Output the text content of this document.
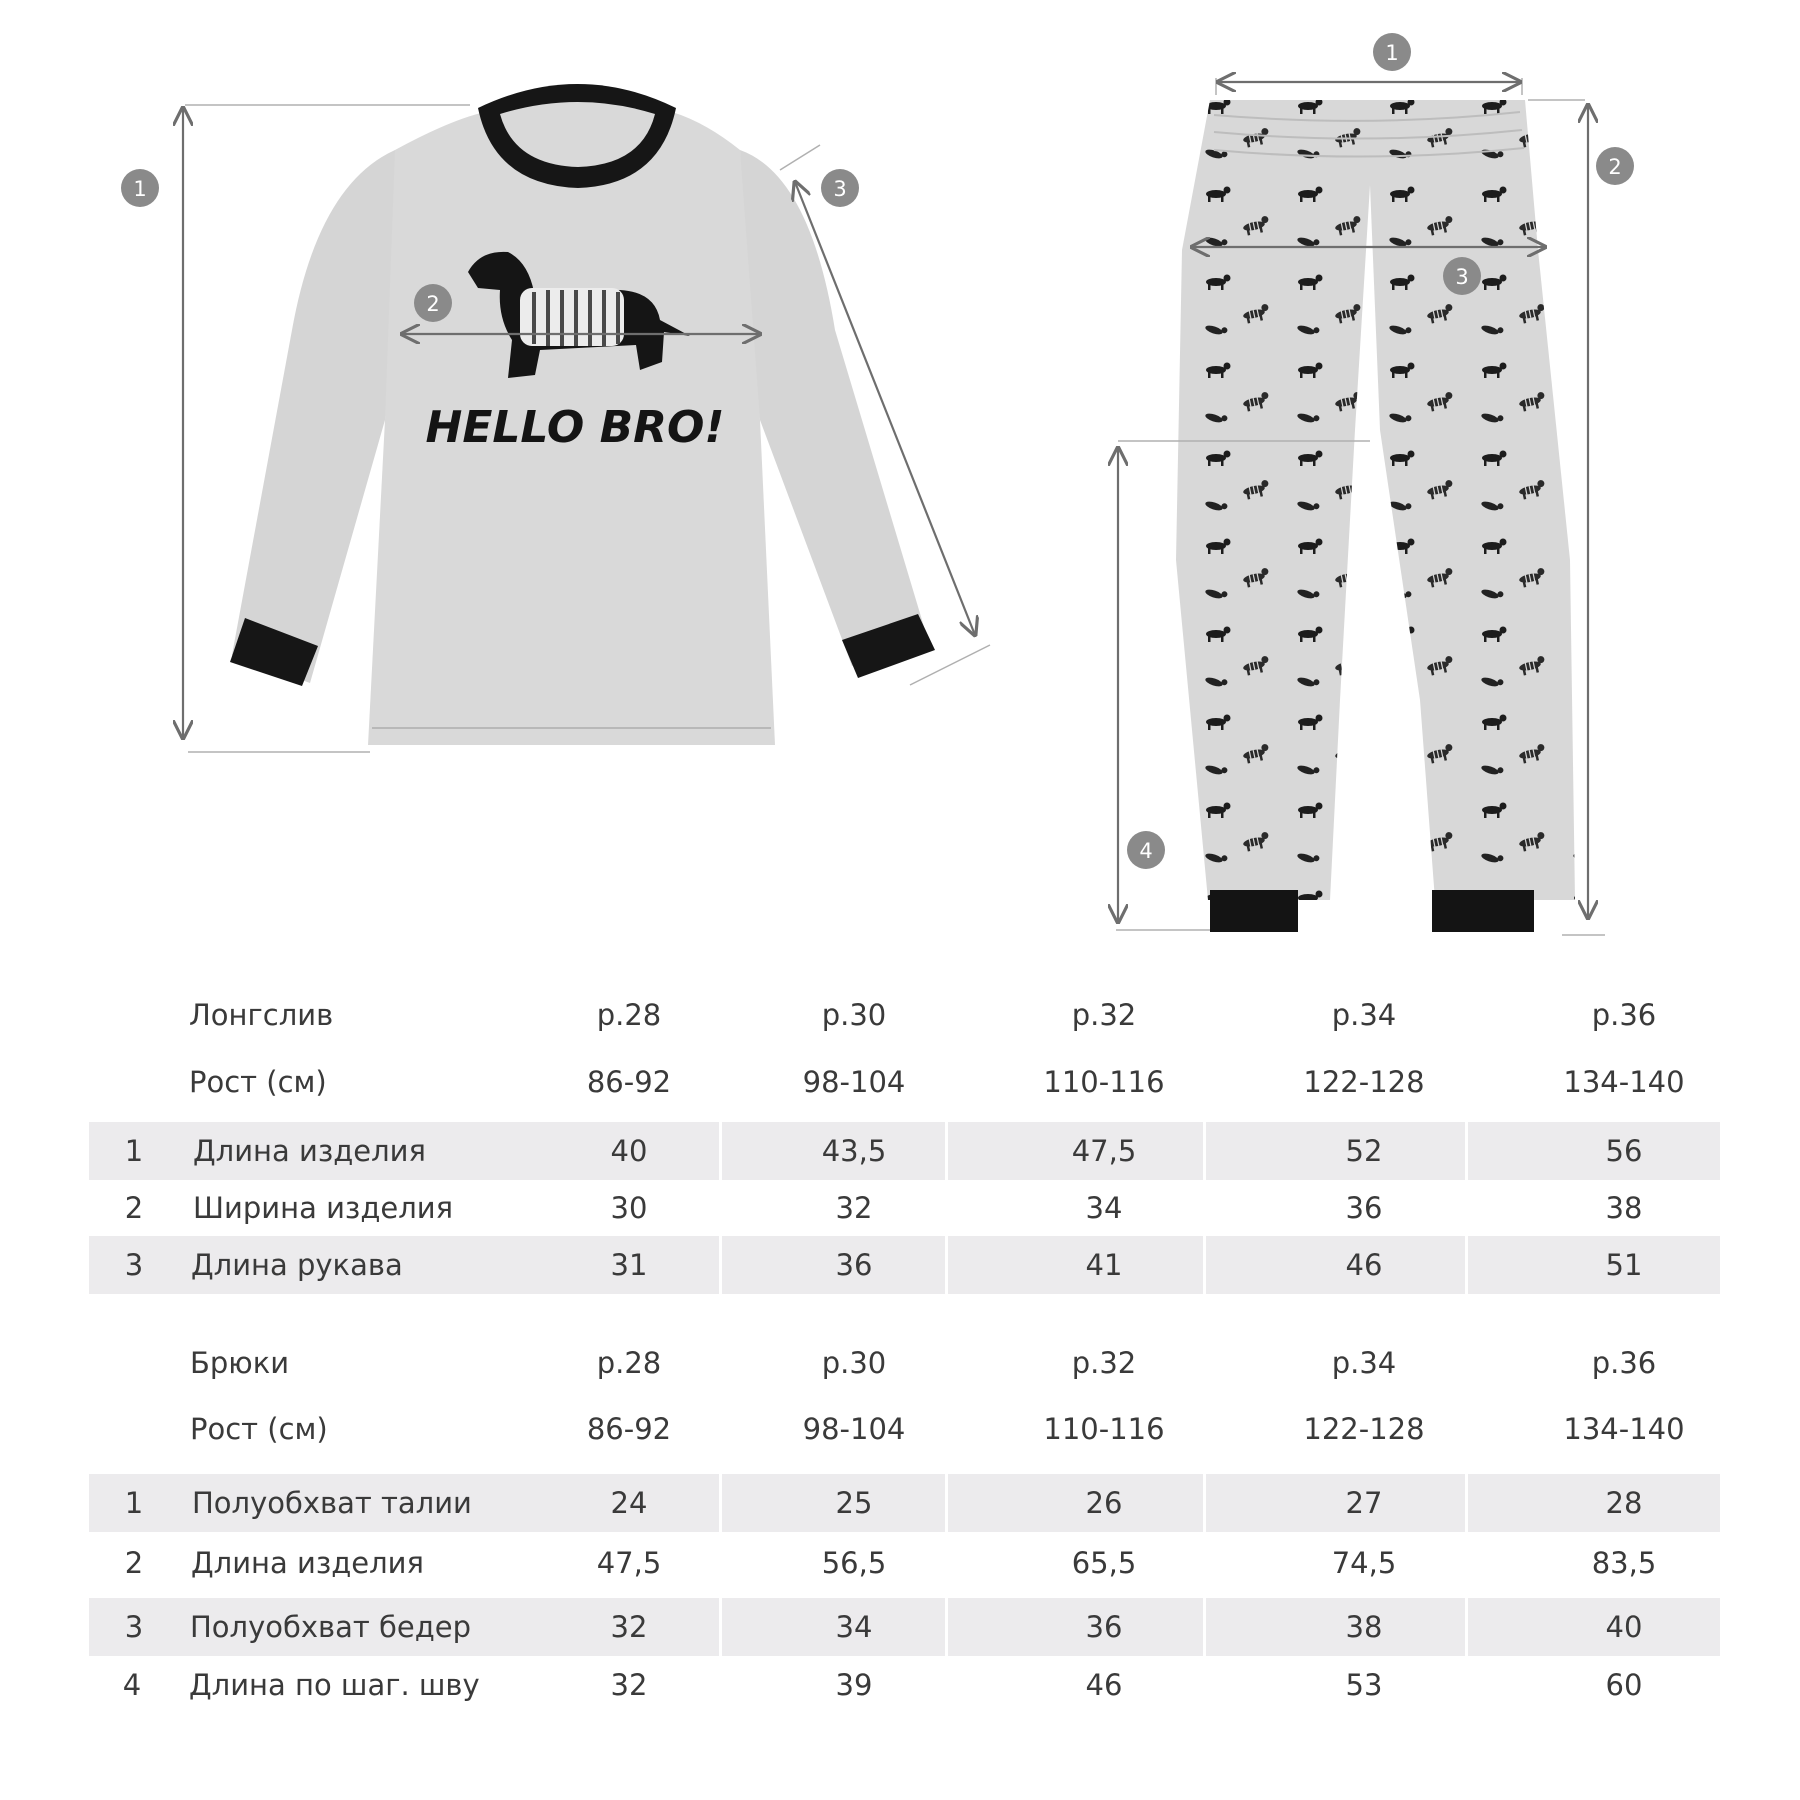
HELLO BRO!
1
2
3
1
2
3
4
Лонгслив	р.28	р.30	р.32	р.34	р.36
Рост (см)	86-92	98-104	110-116	122-128	134-140
1	Длина изделия	40	43,5	47,5	52	56
2	Ширина изделия	30	32	34	36	38
3	Длина рукава	31	36	41	46	51
Брюки	р.28	р.30	р.32	р.34	р.36
Рост (см)	86-92	98-104	110-116	122-128	134-140
1	Полуобхват талии	24	25	26	27	28
2	Длина изделия	47,5	56,5	65,5	74,5	83,5
3	Полуобхват бедер	32	34	36	38	40
4	Длина по шаг. шву	32	39	46	53	60
